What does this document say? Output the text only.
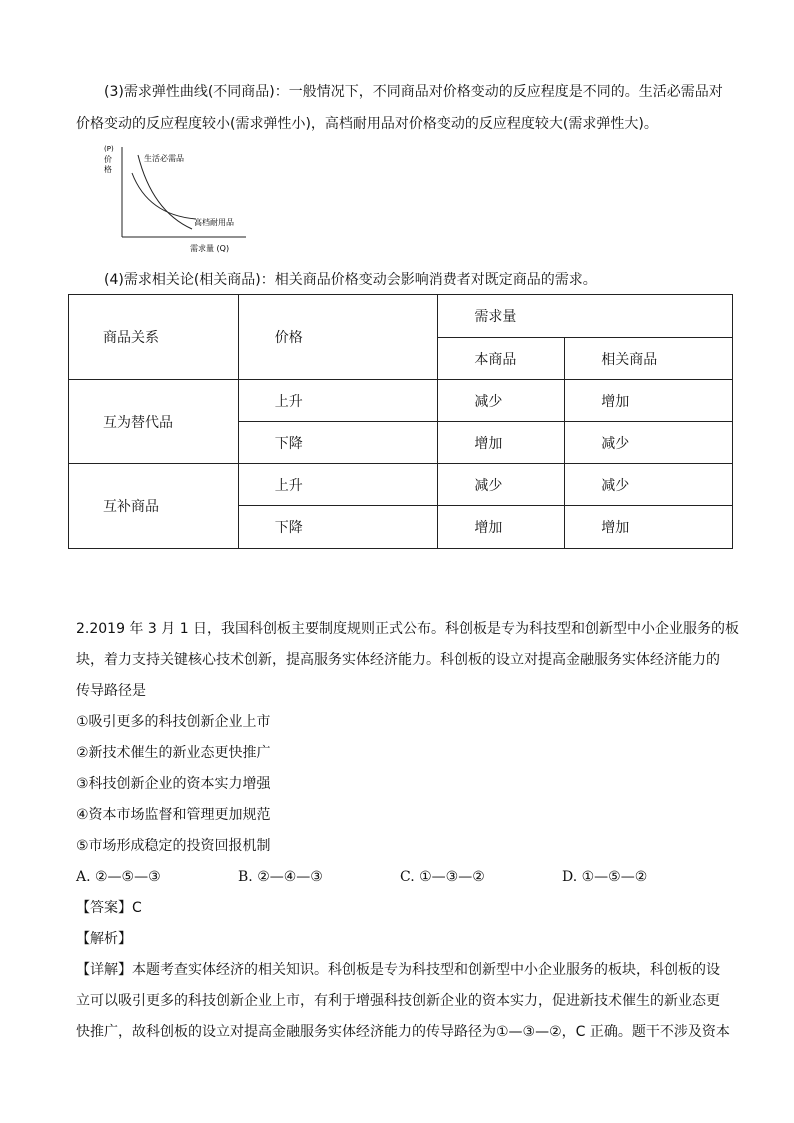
(3)需求弹性曲线(不同商品)：一般情况下，不同商品对价格变动的反应程度是不同的。生活必需品对
价格变动的反应程度较小(需求弹性小)，高档耐用品对价格变动的反应程度较大(需求弹性大)。
(P)
价
格
生活必需品
高档耐用品
需求量 (Q)
(4)需求相关论(相关商品)：相关商品价格变动会影响消费者对既定商品的需求。
商品关系	价格	需求量	
		本商品	相关商品
互为替代品	上升	减少	增加
	下降	增加	减少
互补商品	上升	减少	减少
	下降	增加	增加
2.2019 年 3 月 1 日，我国科创板主要制度规则正式公布。科创板是专为科技型和创新型中小企业服务的板
块，着力支持关键核心技术创新，提高服务实体经济能力。科创板的设立对提高金融服务实体经济能力的
传导路径是
①吸引更多的科技创新企业上市
②新技术催生的新业态更快推广
③科技创新企业的资本实力增强
④资本市场监督和管理更加规范
⑤市场形成稳定的投资回报机制
A. ②—⑤—③	B. ②—④—③	C. ①—③—②	D. ①—⑤—②
【答案】C
【解析】
【详解】本题考查实体经济的相关知识。科创板是专为科技型和创新型中小企业服务的板块，科创板的设
立可以吸引更多的科技创新企业上市，有利于增强科技创新企业的资本实力，促进新技术催生的新业态更
快推广，故科创板的设立对提高金融服务实体经济能力的传导路径为①—③—②，C 正确。题干不涉及资本
